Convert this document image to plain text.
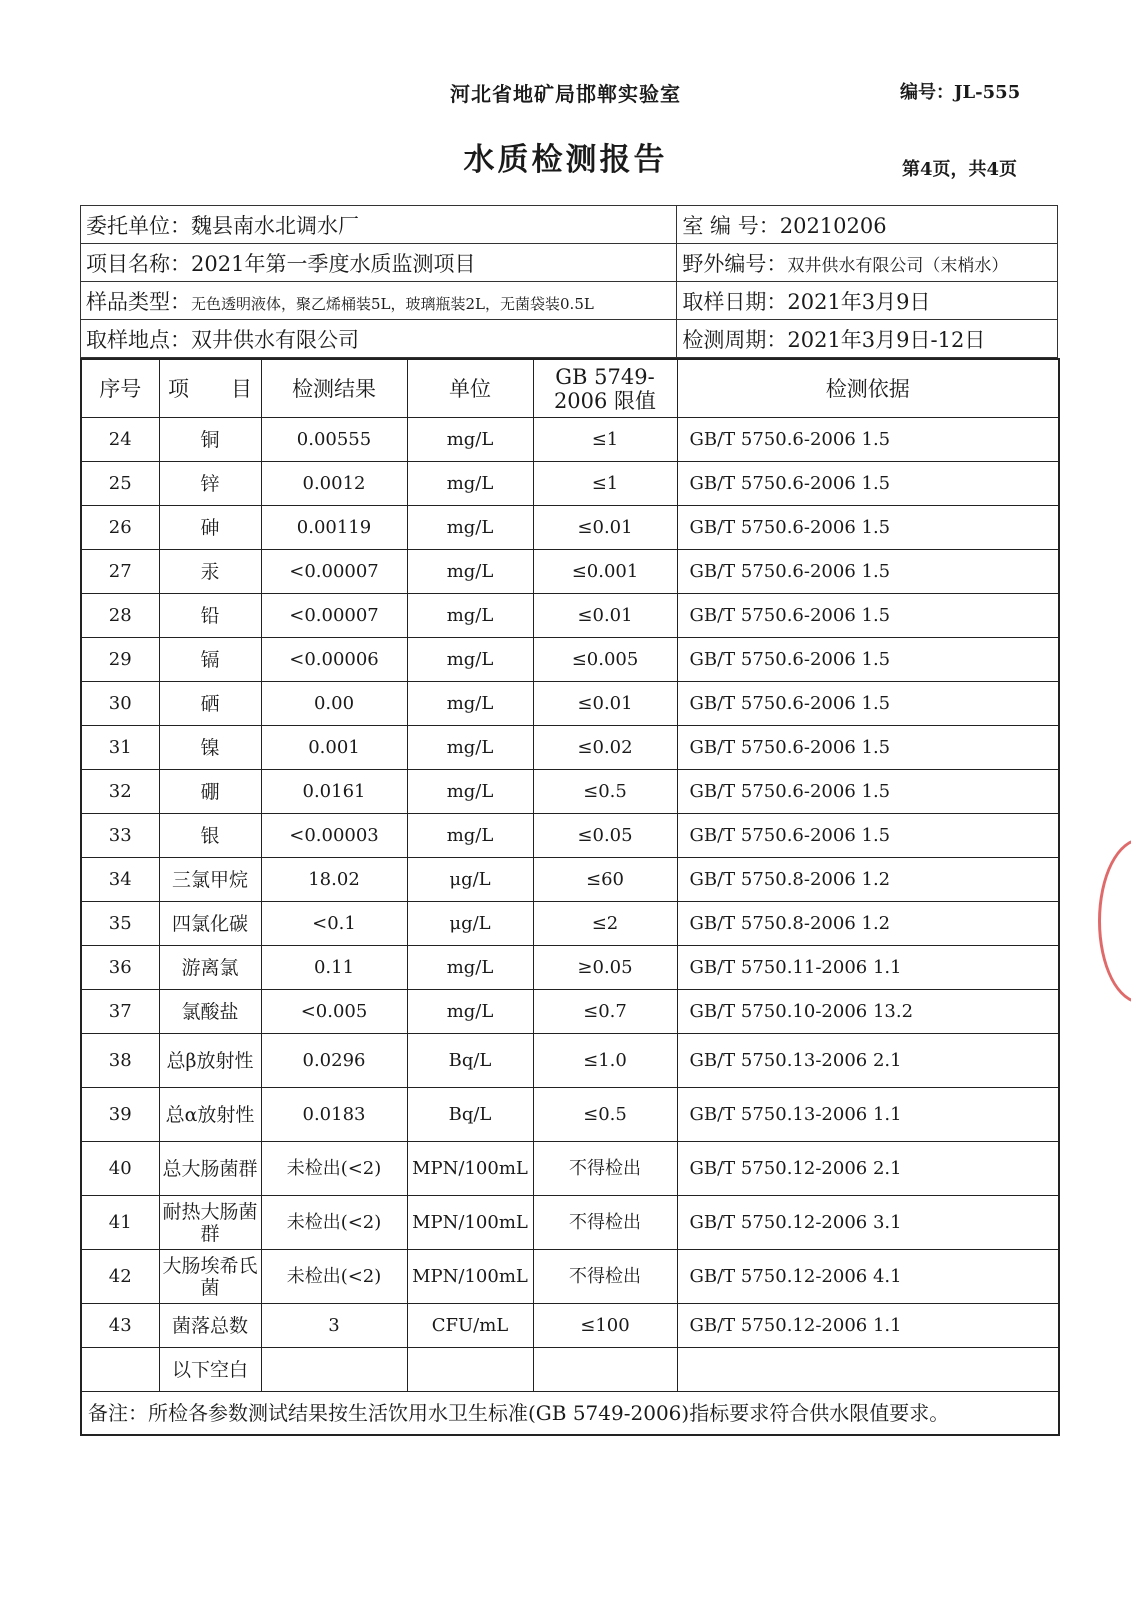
河北省地矿局邯郸实验室	编号：JL-555
水质检测报告	第4页，共4页
委托单位：魏县南水北调水厂	室 编 号：20210206
项目名称：2021年第一季度水质监测项目	野外编号：双井供水有限公司（末梢水）
样品类型：无色透明液体，聚乙烯桶装5L，玻璃瓶装2L，无菌袋装0.5L	取样日期：2021年3月9日
取样地点：双井供水有限公司	检测周期：2021年3月9日-12日
序号	项　　目	检测结果	单位	GB 5749-2006 限值	检测依据
24	铜	0.00555	mg/L	≤1	GB/T 5750.6-2006 1.5
25	锌	0.0012	mg/L	≤1	GB/T 5750.6-2006 1.5
26	砷	0.00119	mg/L	≤0.01	GB/T 5750.6-2006 1.5
27	汞	<0.00007	mg/L	≤0.001	GB/T 5750.6-2006 1.5
28	铅	<0.00007	mg/L	≤0.01	GB/T 5750.6-2006 1.5
29	镉	<0.00006	mg/L	≤0.005	GB/T 5750.6-2006 1.5
30	硒	0.00	mg/L	≤0.01	GB/T 5750.6-2006 1.5
31	镍	0.001	mg/L	≤0.02	GB/T 5750.6-2006 1.5
32	硼	0.0161	mg/L	≤0.5	GB/T 5750.6-2006 1.5
33	银	<0.00003	mg/L	≤0.05	GB/T 5750.6-2006 1.5
34	三氯甲烷	18.02	μg/L	≤60	GB/T 5750.8-2006 1.2
35	四氯化碳	<0.1	μg/L	≤2	GB/T 5750.8-2006 1.2
36	游离氯	0.11	mg/L	≥0.05	GB/T 5750.11-2006 1.1
37	氯酸盐	<0.005	mg/L	≤0.7	GB/T 5750.10-2006 13.2
38	总β放射性	0.0296	Bq/L	≤1.0	GB/T 5750.13-2006 2.1
39	总α放射性	0.0183	Bq/L	≤0.5	GB/T 5750.13-2006 1.1
40	总大肠菌群	未检出(<2)	MPN/100mL	不得检出	GB/T 5750.12-2006 2.1
41	耐热大肠菌群	未检出(<2)	MPN/100mL	不得检出	GB/T 5750.12-2006 3.1
42	大肠埃希氏菌	未检出(<2)	MPN/100mL	不得检出	GB/T 5750.12-2006 4.1
43	菌落总数	3	CFU/mL	≤100	GB/T 5750.12-2006 1.1
	以下空白				
备注：所检各参数测试结果按生活饮用水卫生标准(GB 5749-2006)指标要求符合供水限值要求。					
